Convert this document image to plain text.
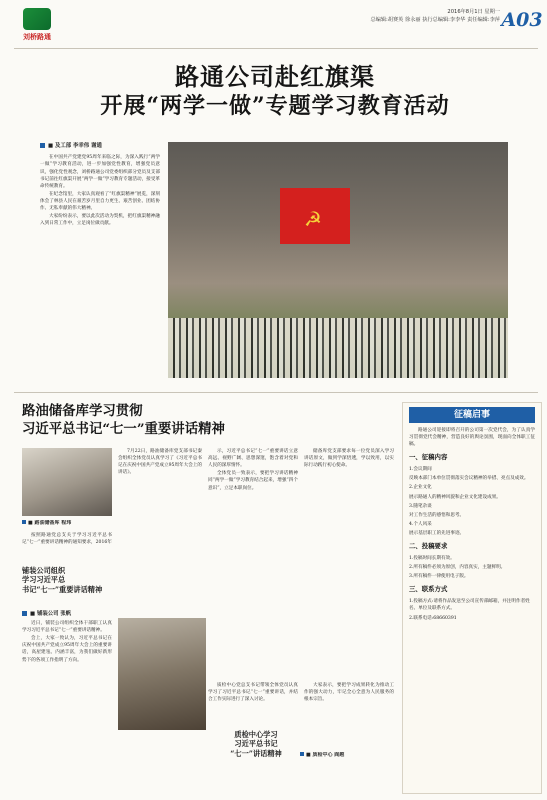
刘桥路通
2016年8月1日 星期一
总编辑:胡赛英 徐永丽 执行总编辑:李李华 责任编辑:李萍 A03
路通公司赴红旗渠
开展“两学一做”专题学习教育活动
■ 及工部 李幸伟 谢通

在中国共产党建党95周年来临之际，为深入践行“两学一做”学习教育活动，进一步加强党性教育，增强党员意识，强化党性观念，刘桥路通公司党委组织部分党员及支部书记前往红旗渠开展“两学一做”学习教育专题活动，接受革命传统教育。

在纪念馆里，大家认真观看了“红旗渠精神”展览，深刻体会了林县人民在艰苦岁月里自力更生、艰苦创业、团结协作、无私奉献的伟大精神。

大家纷纷表示，要以此次活动为契机，把红旗渠精神融入到日常工作中，立足岗位做贡献。	☭
路油储备库学习贯彻
习近平总书记“七一”重要讲话精神
■ 路油储备库 程玮

按照路通党总支关于学习习近平总书记“七一”重要讲话精神的通知要求，2016年

7月22日，路油储备库党支部书记秦会组织全体党员认真学习了《习近平总书记在庆祝中国共产党成立95周年大会上的讲话》。

示，习近平总书记“七一”重要讲话立意高远、视野广阔、思想深邃，饱含着对党和人民的深厚情怀。

全体党员一致表示，要把学习讲话精神同“两学一做”学习教育结合起来，增强“四个意识”，立足本职岗位。

储备库党支部要求每一位党员深入学习讲话原文，做到学深悟透，学以致用，以实际行动践行初心使命。

铺装公司组织
学习习近平总
书记“七一”重要讲话精神
■ 铺装公司 张帆

近日，铺装公司组织全体干部职工认真学习习近平总书记“七一”重要讲话精神。

会上，大家一致认为，习近平总书记在庆祝中国共产党成立95周年大会上的重要讲话，高屋建瓴、内涵丰富，为我们做好新形势下的各项工作指明了方向。

质检中心党总支书记带领全体党员认真学习了习近平总书记“七一”重要讲话，并结合工作实际进行了深入讨论。

质检中心学习
习近平总书记
“七一”讲话精神

大家表示，要把学习成果转化为推动工作的强大动力，牢记全心全意为人民服务的根本宗旨。

■ 质检中心 阎越
征稿启事

路通公司迎接即将召开的公司第一次党代会，为了认真学习贯彻党代会精神，营造良好的舆论氛围，现面向全体职工征稿。

一、征稿内容
1.会议期间
反映本部门本单位贯彻落实会议精神的举措、亮点及成效。
2.企业文化
展示路通人的精神风貌和企业文化建设成果。
3.随笔杂谈
对工作生活的感悟和思考。
4.个人风采
展示基层职工的先进事迹。
二、投稿要求
1.投稿时间长期有效。
2.所有稿件必须为原创，内容真实，主题鲜明。
3.所有稿件一律使用电子版。
三、联系方式
1.投稿方式:请将作品发送至公司宣传部邮箱，并注明作者姓名、单位及联系方式。
2.联系电话:68660391
